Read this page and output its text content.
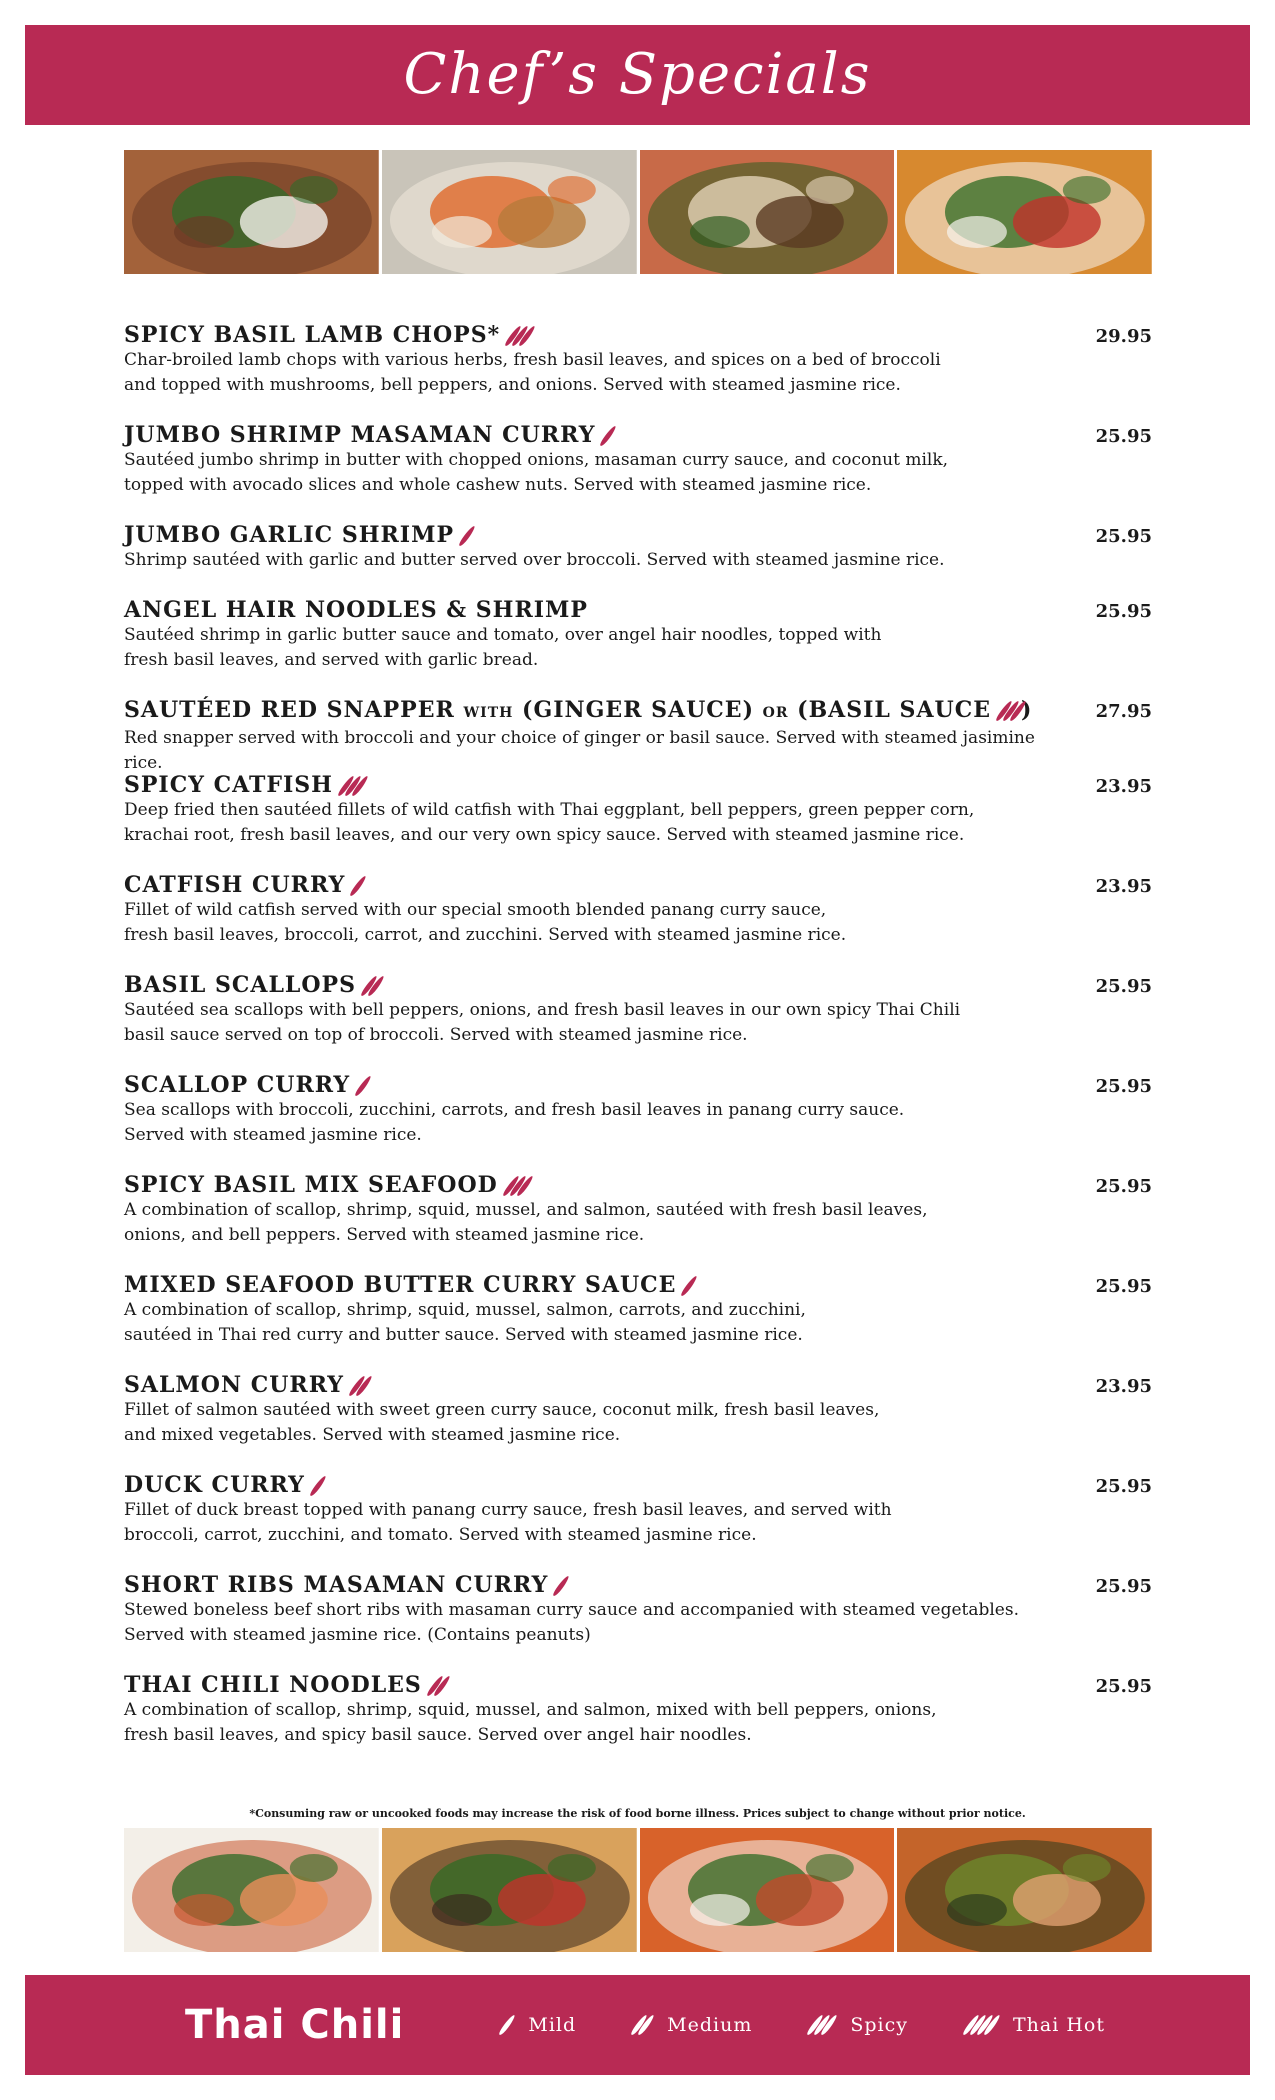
Chef’s Specials
SPICY BASIL LAMB CHOPS*	29.95
Char-broiled lamb chops with various herbs, fresh basil leaves, and spices on a bed of broccoli
and topped with mushrooms, bell peppers, and onions. Served with steamed jasmine rice.
JUMBO SHRIMP MASAMAN CURRY	25.95
Sautéed jumbo shrimp in butter with chopped onions, masaman curry sauce, and coconut milk,
topped with avocado slices and whole cashew nuts. Served with steamed jasmine rice.
JUMBO GARLIC SHRIMP	25.95
Shrimp sautéed with garlic and butter served over broccoli. Served with steamed jasmine rice.
ANGEL HAIR NOODLES & SHRIMP	25.95
Sautéed shrimp in garlic butter sauce and tomato, over angel hair noodles, topped with
fresh basil leaves, and served with garlic bread.
SAUTÉED RED SNAPPER WITH (GINGER SAUCE) OR (BASIL SAUCE )	27.95
Red snapper served with broccoli and your choice of ginger or basil sauce. Served with steamed jasimine rice.
SPICY CATFISH	23.95
Deep fried then sautéed fillets of wild catfish with Thai eggplant, bell peppers, green pepper corn,
krachai root, fresh basil leaves, and our very own spicy sauce. Served with steamed jasmine rice.
CATFISH CURRY	23.95
Fillet of wild catfish served with our special smooth blended panang curry sauce,
fresh basil leaves, broccoli, carrot, and zucchini. Served with steamed jasmine rice.
BASIL SCALLOPS	25.95
Sautéed sea scallops with bell peppers, onions, and fresh basil leaves in our own spicy Thai Chili
basil sauce served on top of broccoli. Served with steamed jasmine rice.
SCALLOP CURRY	25.95
Sea scallops with broccoli, zucchini, carrots, and fresh basil leaves in panang curry sauce.
Served with steamed jasmine rice.
SPICY BASIL MIX SEAFOOD	25.95
A combination of scallop, shrimp, squid, mussel, and salmon, sautéed with fresh basil leaves,
onions, and bell peppers. Served with steamed jasmine rice.
MIXED SEAFOOD BUTTER CURRY SAUCE	25.95
A combination of scallop, shrimp, squid, mussel, salmon, carrots, and zucchini,
sautéed in Thai red curry and butter sauce. Served with steamed jasmine rice.
SALMON CURRY	23.95
Fillet of salmon sautéed with sweet green curry sauce, coconut milk, fresh basil leaves,
and mixed vegetables. Served with steamed jasmine rice.
DUCK CURRY	25.95
Fillet of duck breast topped with panang curry sauce, fresh basil leaves, and served with
broccoli, carrot, zucchini, and tomato. Served with steamed jasmine rice.
SHORT RIBS MASAMAN CURRY	25.95
Stewed boneless beef short ribs with masaman curry sauce and accompanied with steamed vegetables.
Served with steamed jasmine rice. (Contains peanuts)
THAI CHILI NOODLES	25.95
A combination of scallop, shrimp, squid, mussel, and salmon, mixed with bell peppers, onions,
fresh basil leaves, and spicy basil sauce. Served over angel hair noodles.
*Consuming raw or uncooked foods may increase the risk of food borne illness. Prices subject to change without prior notice.
Thai Chili	Mild	Medium	Spicy	Thai Hot
